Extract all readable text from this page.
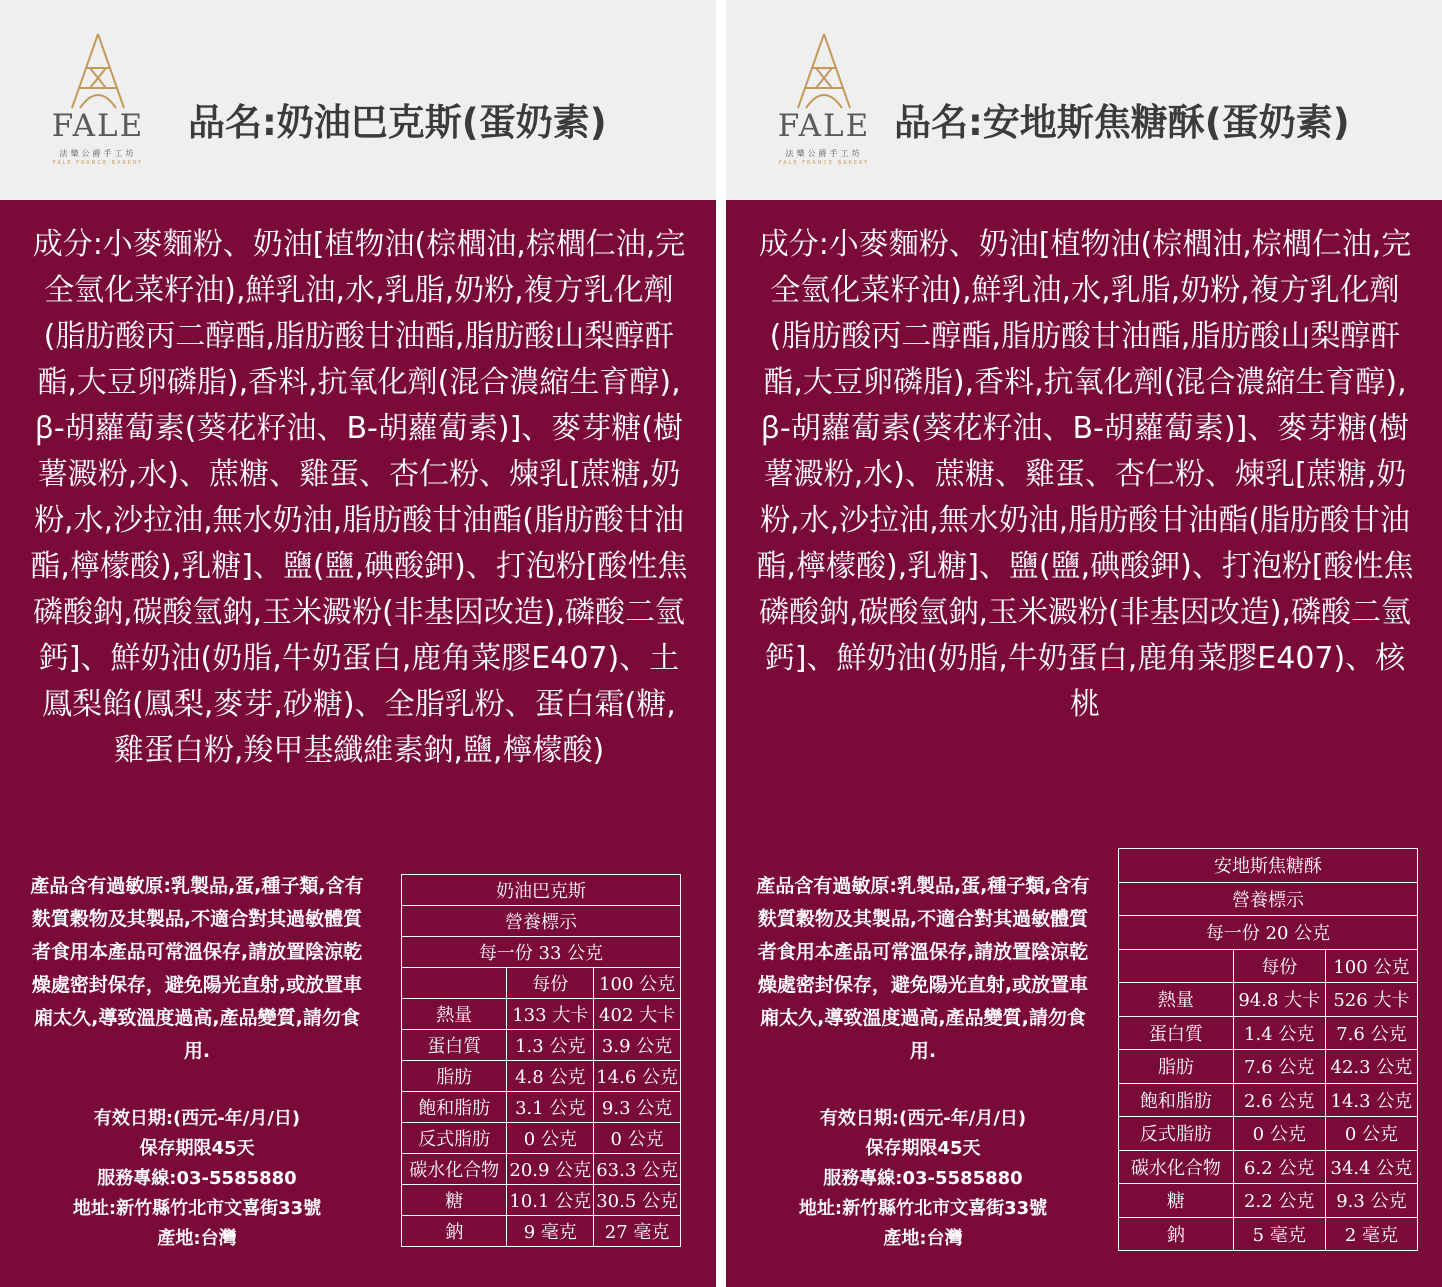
FALE
法樂公爵手工坊
FALE FRANCE BAKERY
品名:奶油巴克斯(蛋奶素)
成分:小麥麵粉、奶油[植物油(棕櫚油,棕櫚仁油,完全氫化菜籽油),鮮乳油,水,乳脂,奶粉,複方乳化劑(脂肪酸丙二醇酯,脂肪酸甘油酯,脂肪酸山梨醇酐酯,大豆卵磷脂),香料,抗氧化劑(混合濃縮生育醇),ꞵ-胡蘿蔔素(葵花籽油、B-胡蘿蔔素)]、麥芽糖(樹薯澱粉,水)、蔗糖、雞蛋、杏仁粉、煉乳[蔗糖,奶粉,水,沙拉油,無水奶油,脂肪酸甘油酯(脂肪酸甘油酯,檸檬酸),乳糖]、鹽(鹽,碘酸鉀)、打泡粉[酸性焦磷酸鈉,碳酸氫鈉,玉米澱粉(非基因改造),磷酸二氫鈣]、鮮奶油(奶脂,牛奶蛋白,鹿角菜膠E407)、土鳳梨餡(鳳梨,麥芽,砂糖)、全脂乳粉、蛋白霜(糖,雞蛋白粉,羧甲基纖維素鈉,鹽,檸檬酸)
產品含有過敏原:乳製品,蛋,種子類,含有麩質穀物及其製品,不適合對其過敏體質者食用本產品可常溫保存,請放置陰涼乾燥處密封保存，避免陽光直射,或放置車廂太久,導致溫度過高,產品變質,請勿食用.
有效日期:(西元-年/月/日)
保存期限45天
服務專線:03-5585880
地址:新竹縣竹北市文喜街33號
產地:台灣
奶油巴克斯		
營養標示		
每一份 33 公克		
	每份	100 公克
熱量	133 大卡	402 大卡
蛋白質	1.3 公克	3.9 公克
脂肪	4.8 公克	14.6 公克
飽和脂肪	3.1 公克	9.3 公克
反式脂肪	0 公克	0 公克
碳水化合物	20.9 公克	63.3 公克
糖	10.1 公克	30.5 公克
鈉	9 毫克	27 毫克
FALE
法樂公爵手工坊
FALE FRANCE BAKERY
品名:安地斯焦糖酥(蛋奶素)
成分:小麥麵粉、奶油[植物油(棕櫚油,棕櫚仁油,完全氫化菜籽油),鮮乳油,水,乳脂,奶粉,複方乳化劑(脂肪酸丙二醇酯,脂肪酸甘油酯,脂肪酸山梨醇酐酯,大豆卵磷脂),香料,抗氧化劑(混合濃縮生育醇),ꞵ-胡蘿蔔素(葵花籽油、B-胡蘿蔔素)]、麥芽糖(樹薯澱粉,水)、蔗糖、雞蛋、杏仁粉、煉乳[蔗糖,奶粉,水,沙拉油,無水奶油,脂肪酸甘油酯(脂肪酸甘油酯,檸檬酸),乳糖]、鹽(鹽,碘酸鉀)、打泡粉[酸性焦磷酸鈉,碳酸氫鈉,玉米澱粉(非基因改造),磷酸二氫鈣]、鮮奶油(奶脂,牛奶蛋白,鹿角菜膠E407)、核桃
產品含有過敏原:乳製品,蛋,種子類,含有麩質穀物及其製品,不適合對其過敏體質者食用本產品可常溫保存,請放置陰涼乾燥處密封保存，避免陽光直射,或放置車廂太久,導致溫度過高,產品變質,請勿食用.
有效日期:(西元-年/月/日)
保存期限45天
服務專線:03-5585880
地址:新竹縣竹北市文喜街33號
產地:台灣
安地斯焦糖酥		
營養標示		
每一份 20 公克		
	每份	100 公克
熱量	94.8 大卡	526 大卡
蛋白質	1.4 公克	7.6 公克
脂肪	7.6 公克	42.3 公克
飽和脂肪	2.6 公克	14.3 公克
反式脂肪	0 公克	0 公克
碳水化合物	6.2 公克	34.4 公克
糖	2.2 公克	9.3 公克
鈉	5 毫克	2 毫克
